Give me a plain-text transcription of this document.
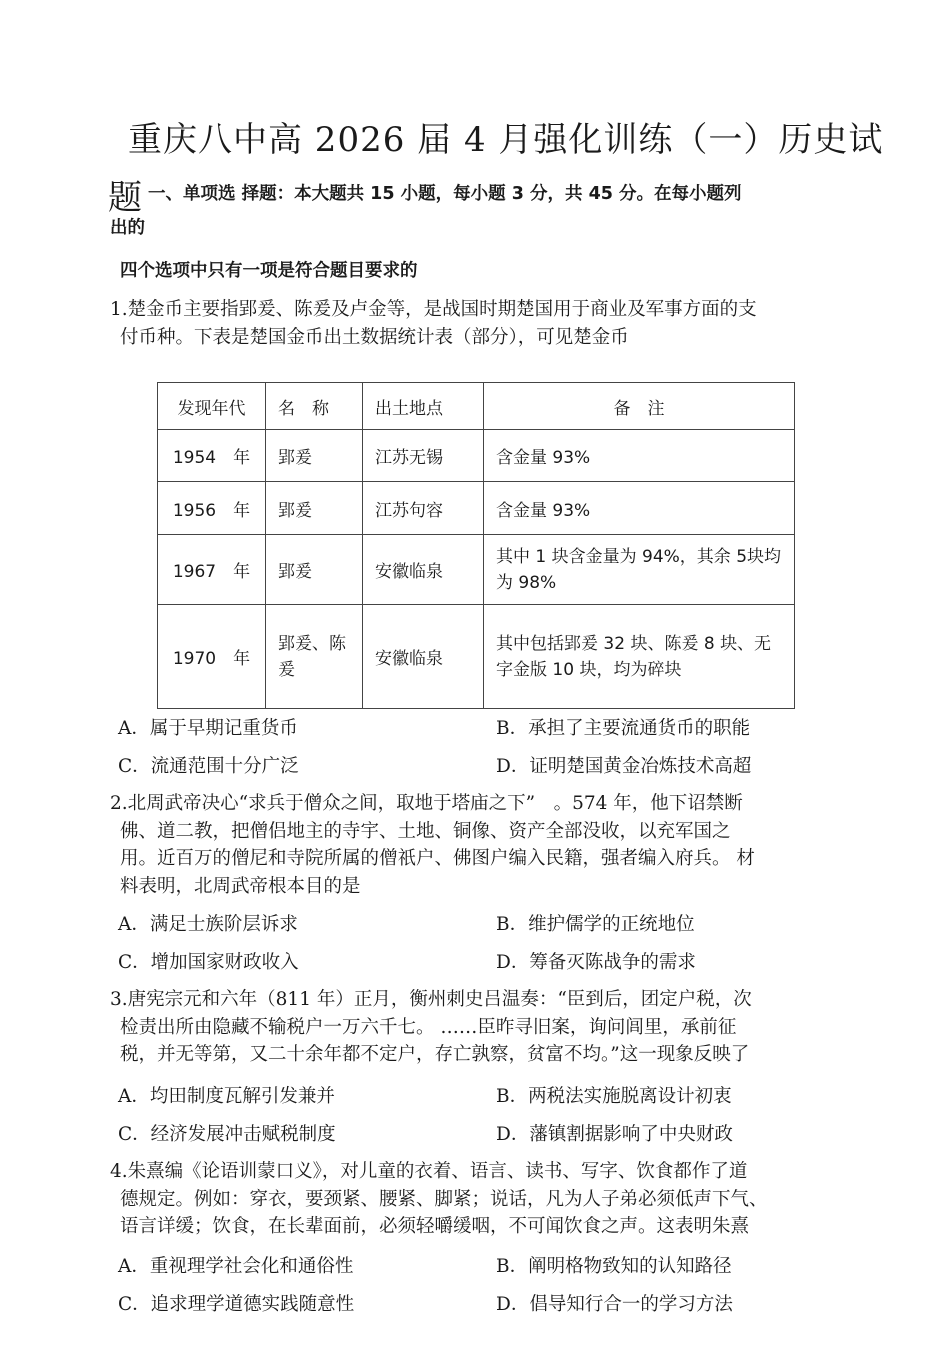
重庆八中高 2026 届 4 月强化训练（一）历史试
题 一、单项选 择题：本大题共 15 小题，每小题 3 分，共 45 分。在每小题列
出的
四个选项中只有一项是符合题目要求的
1.楚金币主要指郢爰、陈爰及卢金等，是战国时期楚国用于商业及军事方面的支
付币种。下表是楚国金币出土数据统计表（部分），可见楚金币
发现年代	名　称	出土地点	备　注
1954　年	郢爰	江苏无锡	含金量 93%
1956　年	郢爰	江苏句容	含金量 93%
1967　年	郢爰	安徽临泉	其中 1 块含金量为 94%，其余 5块均为 98%
1970　年	郢爰、陈爰	安徽临泉	其中包括郢爰 32 块、陈爰 8 块、无字金版 10 块，均为碎块
A．属于早期记重货币	B．承担了主要流通货币的职能
C．流通范围十分广泛	D．证明楚国黄金冶炼技术高超
2.北周武帝决心“求兵于僧众之间，取地于塔庙之下”　。574 年，他下诏禁断
佛、道二教，把僧侣地主的寺宇、土地、铜像、资产全部没收，以充军国之
用。近百万的僧尼和寺院所属的僧祇户、佛图户编入民籍，强者编入府兵。 材
料表明，北周武帝根本目的是
A．满足士族阶层诉求	B．维护儒学的正统地位
C．增加国家财政收入	D．筹备灭陈战争的需求
3.唐宪宗元和六年（811 年）正月，衡州刺史吕温奏：“臣到后，团定户税，次
检责出所由隐藏不输税户一万六千七。 ……臣昨寻旧案，询问闾里，承前征
税，并无等第，又二十余年都不定户，存亡孰察，贫富不均。”这一现象反映了
A．均田制度瓦解引发兼并	B．两税法实施脱离设计初衷
C．经济发展冲击赋税制度	D．藩镇割据影响了中央财政
4.朱熹编《论语训蒙口义》，对儿童的衣着、语言、读书、写字、饮食都作了道
德规定。例如：穿衣，要颈紧、腰紧、脚紧；说话，凡为人子弟必须低声下气、
语言详缓；饮食，在长辈面前，必须轻嚼缓咽，不可闻饮食之声。这表明朱熹
A．重视理学社会化和通俗性	B．阐明格物致知的认知路径
C．追求理学道德实践随意性	D．倡导知行合一的学习方法
